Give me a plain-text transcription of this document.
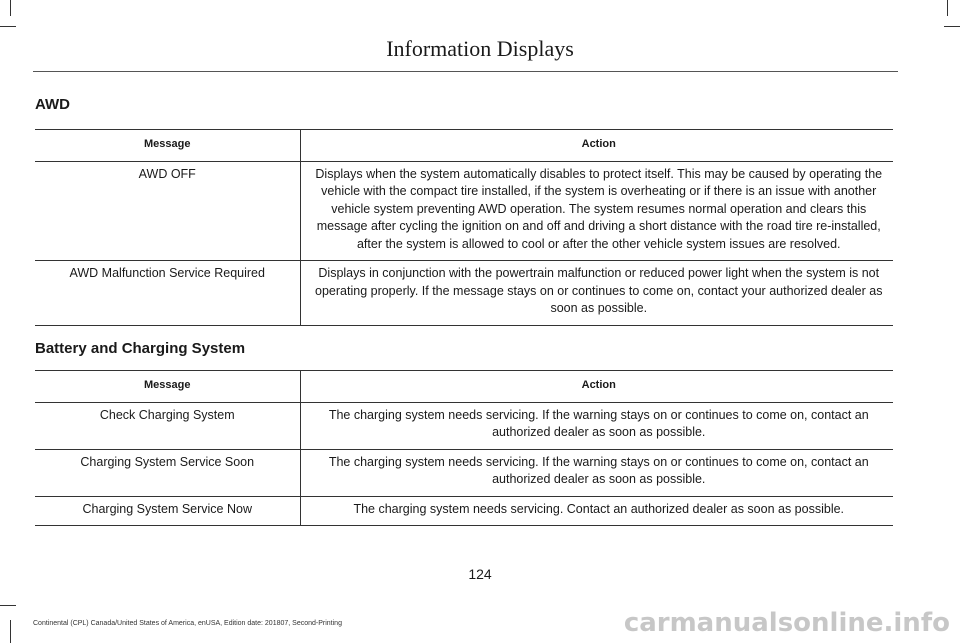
Information Displays
AWD
Message	Action
AWD OFF	Displays when the system automatically disables to protect itself. This may be caused by operating the vehicle with the compact tire installed, if the system is overheating or if there is an issue with another vehicle system preventing AWD operation. The system resumes normal operation and clears this message after cycling the ignition on and off and driving a short distance with the road tire re-installed, after the system is allowed to cool or after the other vehicle system issues are resolved.
AWD Malfunction Service Required	Displays in conjunction with the powertrain malfunction or reduced power light when the system is not operating properly. If the message stays on or continues to come on, contact your authorized dealer as soon as possible.
Battery and Charging System
Message	Action
Check Charging System	The charging system needs servicing. If the warning stays on or continues to come on, contact an authorized dealer as soon as possible.
Charging System Service Soon	The charging system needs servicing. If the warning stays on or continues to come on, contact an authorized dealer as soon as possible.
Charging System Service Now	The charging system needs servicing. Contact an authorized dealer as soon as possible.
124
Continental (CPL) Canada/United States of America, enUSA, Edition date: 201807, Second-Printing	carmanualsonline.info
